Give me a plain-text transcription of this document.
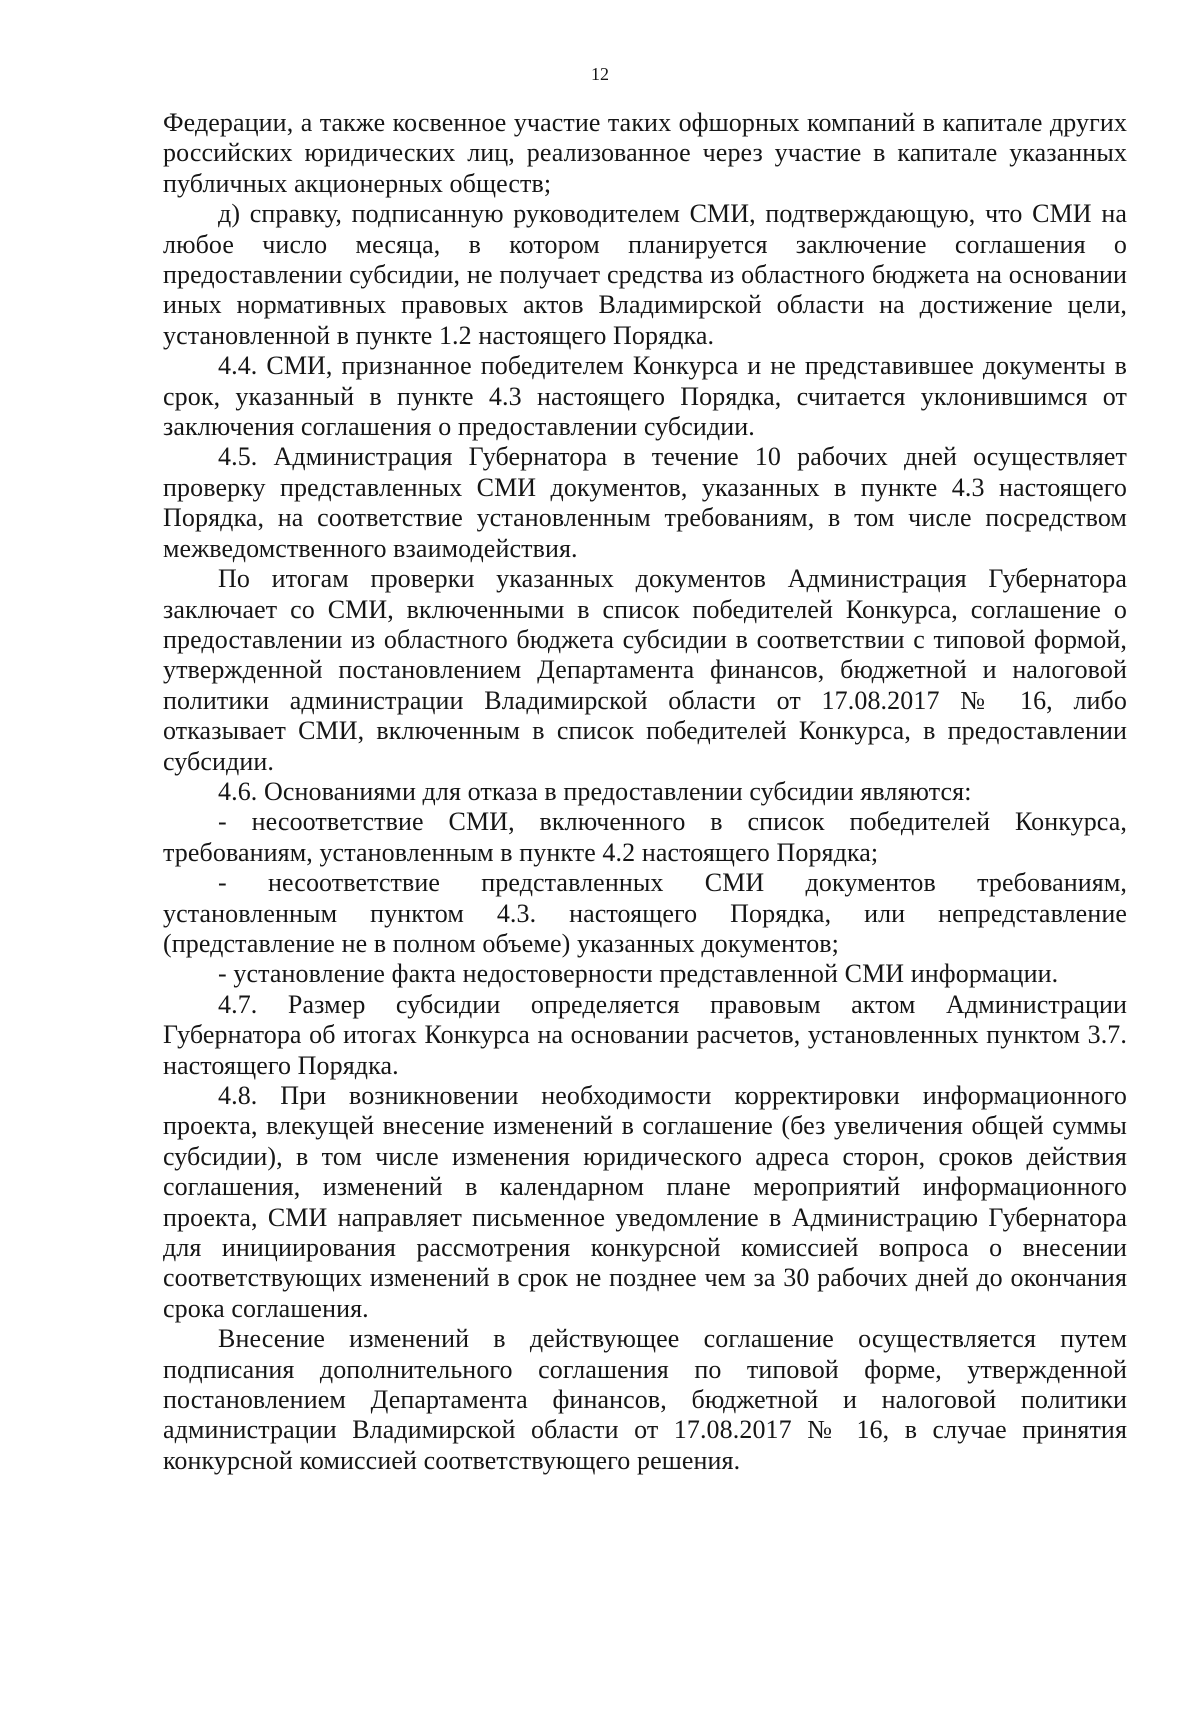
12

Федерации, а также косвенное участие таких офшорных компаний в капитале других российских юридических лиц, реализованное через участие в капитале указанных публичных акционерных обществ;

д) справку, подписанную руководителем СМИ, подтверждающую, что СМИ на любое число месяца, в котором планируется заключение соглашения о предоставлении субсидии, не получает средства из областного бюджета на основании иных нормативных правовых актов Владимирской области на достижение цели, установленной в пункте 1.2 настоящего Порядка.

4.4. СМИ, признанное победителем Конкурса и не представившее документы в срок, указанный в пункте 4.3 настоящего Порядка, считается уклонившимся от заключения соглашения о предоставлении субсидии.

4.5. Администрация Губернатора в течение 10 рабочих дней осуществляет проверку представленных СМИ документов, указанных в пункте 4.3 настоящего Порядка, на соответствие установленным требованиям, в том числе посредством межведомственного взаимодействия.

По итогам проверки указанных документов Администрация Губернатора заключает со СМИ, включенными в список победителей Конкурса, соглашение о предоставлении из областного бюджета субсидии в соответствии с типовой формой, утвержденной постановлением Департамента финансов, бюджетной и налоговой политики администрации Владимирской области от 17.08.2017 № 16, либо отказывает СМИ, включенным в список победителей Конкурса, в предоставлении субсидии.

4.6. Основаниями для отказа в предоставлении субсидии являются:

- несоответствие СМИ, включенного в список победителей Конкурса, требованиям, установленным в пункте 4.2 настоящего Порядка;

- несоответствие представленных СМИ документов требованиям, установленным пунктом 4.3. настоящего Порядка, или непредставление (представление не в полном объеме) указанных документов;

- установление факта недостоверности представленной СМИ информации.

4.7. Размер субсидии определяется правовым актом Администрации Губернатора об итогах Конкурса на основании расчетов, установленных пунктом 3.7. настоящего Порядка.

4.8. При возникновении необходимости корректировки информационного проекта, влекущей внесение изменений в соглашение (без увеличения общей суммы субсидии), в том числе изменения юридического адреса сторон, сроков действия соглашения, изменений в календарном плане мероприятий информационного проекта, СМИ направляет письменное уведомление в Администрацию Губернатора для инициирования рассмотрения конкурсной комиссией вопроса о внесении соответствующих изменений в срок не позднее чем за 30 рабочих дней до окончания срока соглашения.

Внесение изменений в действующее соглашение осуществляется путем подписания дополнительного соглашения по типовой форме, утвержденной постановлением Департамента финансов, бюджетной и налоговой политики администрации Владимирской области от 17.08.2017 № 16, в случае принятия конкурсной комиссией соответствующего решения.
